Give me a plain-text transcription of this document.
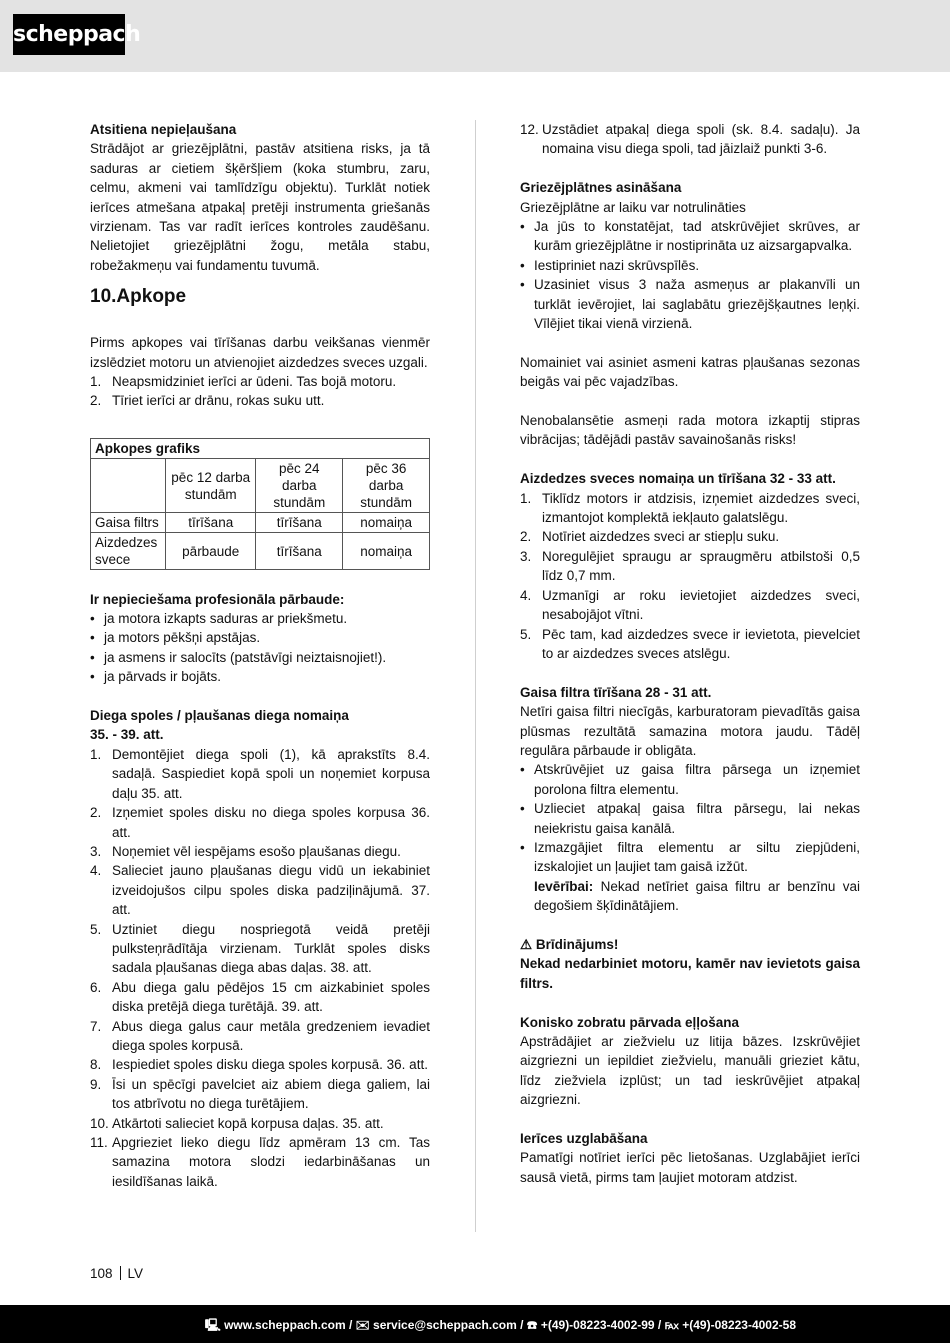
scheppach
Atsitiena nepieļaušana
Strādājot ar griezējplātni, pastāv atsitiena risks, ja tā saduras ar cietiem šķēršļiem (koka stumbru, zaru, celmu, akmeni vai tamlīdzīgu objektu). Turklāt notiek ierīces atmešana atpakaļ pretēji instrumenta griešanās virzienam. Tas var radīt ierīces kontroles zaudēšanu. Nelietojiet griezējplātni žogu, metāla stabu, robežakmeņu vai fundamentu tuvumā.
10.Apkope
Pirms apkopes vai tīrīšanas darbu veikšanas vienmēr izslēdziet motoru un atvienojiet aizdedzes sveces uzgali.
1. Neapsmidziniet ierīci ar ūdeni. Tas bojā motoru.
2. Tīriet ierīci ar drānu, rokas suku utt.
Apkopes grafiks			
	pēc 12 darba stundām	pēc 24 darba stundām	pēc 36 darba stundām
Gaisa filtrs	tīrīšana	tīrīšana	nomaiņa
Aizdedzes svece	pārbaude	tīrīšana	nomaiņa
Ir nepieciešama profesionāla pārbaude:
• ja motora izkapts saduras ar priekšmetu.
• ja motors pēkšņi apstājas.
• ja asmens ir salocīts (patstāvīgi neiztaisnojiet!).
• ja pārvads ir bojāts.
Diega spoles / pļaušanas diega nomaiņa
35. - 39. att.
1. Demontējiet diega spoli (1), kā aprakstīts 8.4. sadaļā. Saspiediet kopā spoli un noņemiet korpusa daļu 35. att.
2. Izņemiet spoles disku no diega spoles korpusa 36. att.
3. Noņemiet vēl iespējams esošo pļaušanas diegu.
4. Salieciet jauno pļaušanas diegu vidū un iekabiniet izveidojušos cilpu spoles diska padziļinājumā. 37. att.
5. Uztiniet diegu nospriegotā veidā pretēji pulksteņrādītāja virzienam. Turklāt spoles disks sadala pļaušanas diega abas daļas. 38. att.
6. Abu diega galu pēdējos 15 cm aizkabiniet spoles diska pretējā diega turētājā. 39. att.
7. Abus diega galus caur metāla gredzeniem ievadiet diega spoles korpusā.
8. Iespiediet spoles disku diega spoles korpusā. 36. att.
9. Īsi un spēcīgi pavelciet aiz abiem diega galiem, lai tos atbrīvotu no diega turētājiem.
10. Atkārtoti salieciet kopā korpusa daļas. 35. att.
11. Apgrieziet lieko diegu līdz apmēram 13 cm. Tas samazina motora slodzi iedarbināšanas un iesildīšanas laikā.
12. Uzstādiet atpakaļ diega spoli (sk. 8.4. sadaļu). Ja nomaina visu diega spoli, tad jāizlaiž punkti 3-6.
Griezējplātnes asināšana
Griezējplātne ar laiku var notrulināties
• Ja jūs to konstatējat, tad atskrūvējiet skrūves, ar kurām griezējplātne ir nostiprināta uz aizsargapvalka.
• Iestipriniet nazi skrūvspīlēs.
• Uzasiniet visus 3 naža asmeņus ar plakanvīli un turklāt ievērojiet, lai saglabātu griezējšķautnes leņķi. Vīlējiet tikai vienā virzienā.
Nomainiet vai asiniet asmeni katras pļaušanas sezonas beigās vai pēc vajadzības.
Nenobalansētie asmeņi rada motora izkaptij stipras vibrācijas; tādējādi pastāv savainošanās risks!
Aizdedzes sveces nomaiņa un tīrīšana 32 - 33 att.
1. Tiklīdz motors ir atdzisis, izņemiet aizdedzes sveci, izmantojot komplektā iekļauto galatslēgu.
2. Notīriet aizdedzes sveci ar stiepļu suku.
3. Noregulējiet spraugu ar spraugmēru atbilstoši 0,5 līdz 0,7 mm.
4. Uzmanīgi ar roku ievietojiet aizdedzes sveci, nesabojājot vītni.
5. Pēc tam, kad aizdedzes svece ir ievietota, pievelciet to ar aizdedzes sveces atslēgu.
Gaisa filtra tīrīšana 28 - 31 att.
Netīri gaisa filtri niecīgās, karburatoram pievadītās gaisa plūsmas rezultātā samazina motora jaudu. Tādēļ regulāra pārbaude ir obligāta.
• Atskrūvējiet uz gaisa filtra pārsega un izņemiet porolona filtra elementu.
• Uzlieciet atpakaļ gaisa filtra pārsegu, lai nekas neiekristu gaisa kanālā.
• Izmazgājiet filtra elementu ar siltu ziepjūdeni, izskalojiet un ļaujiet tam gaisā izžūt.
Ievērībai: Nekad netīriet gaisa filtru ar benzīnu vai degošiem šķīdinātājiem.
⚠ Brīdinājums!
Nekad nedarbiniet motoru, kamēr nav ievietots gaisa filtrs.
Konisko zobratu pārvada eļļošana
Apstrādājiet ar ziežvielu uz litija bāzes. Izskrūvējiet aizgriezni un iepildiet ziežvielu, manuāli grieziet kātu, līdz ziežviela izplūst; un tad ieskrūvējiet atpakaļ aizgriezni.
Ierīces uzglabāšana
Pamatīgi notīriet ierīci pēc lietošanas. Uzglabājiet ierīci sausā vietā, pirms tam ļaujiet motoram atdzist.
108 LV
🖳 www.scheppach.com / ✉ service@scheppach.com / ☎ +(49)-08223-4002-99 / ℻ +(49)-08223-4002-58
